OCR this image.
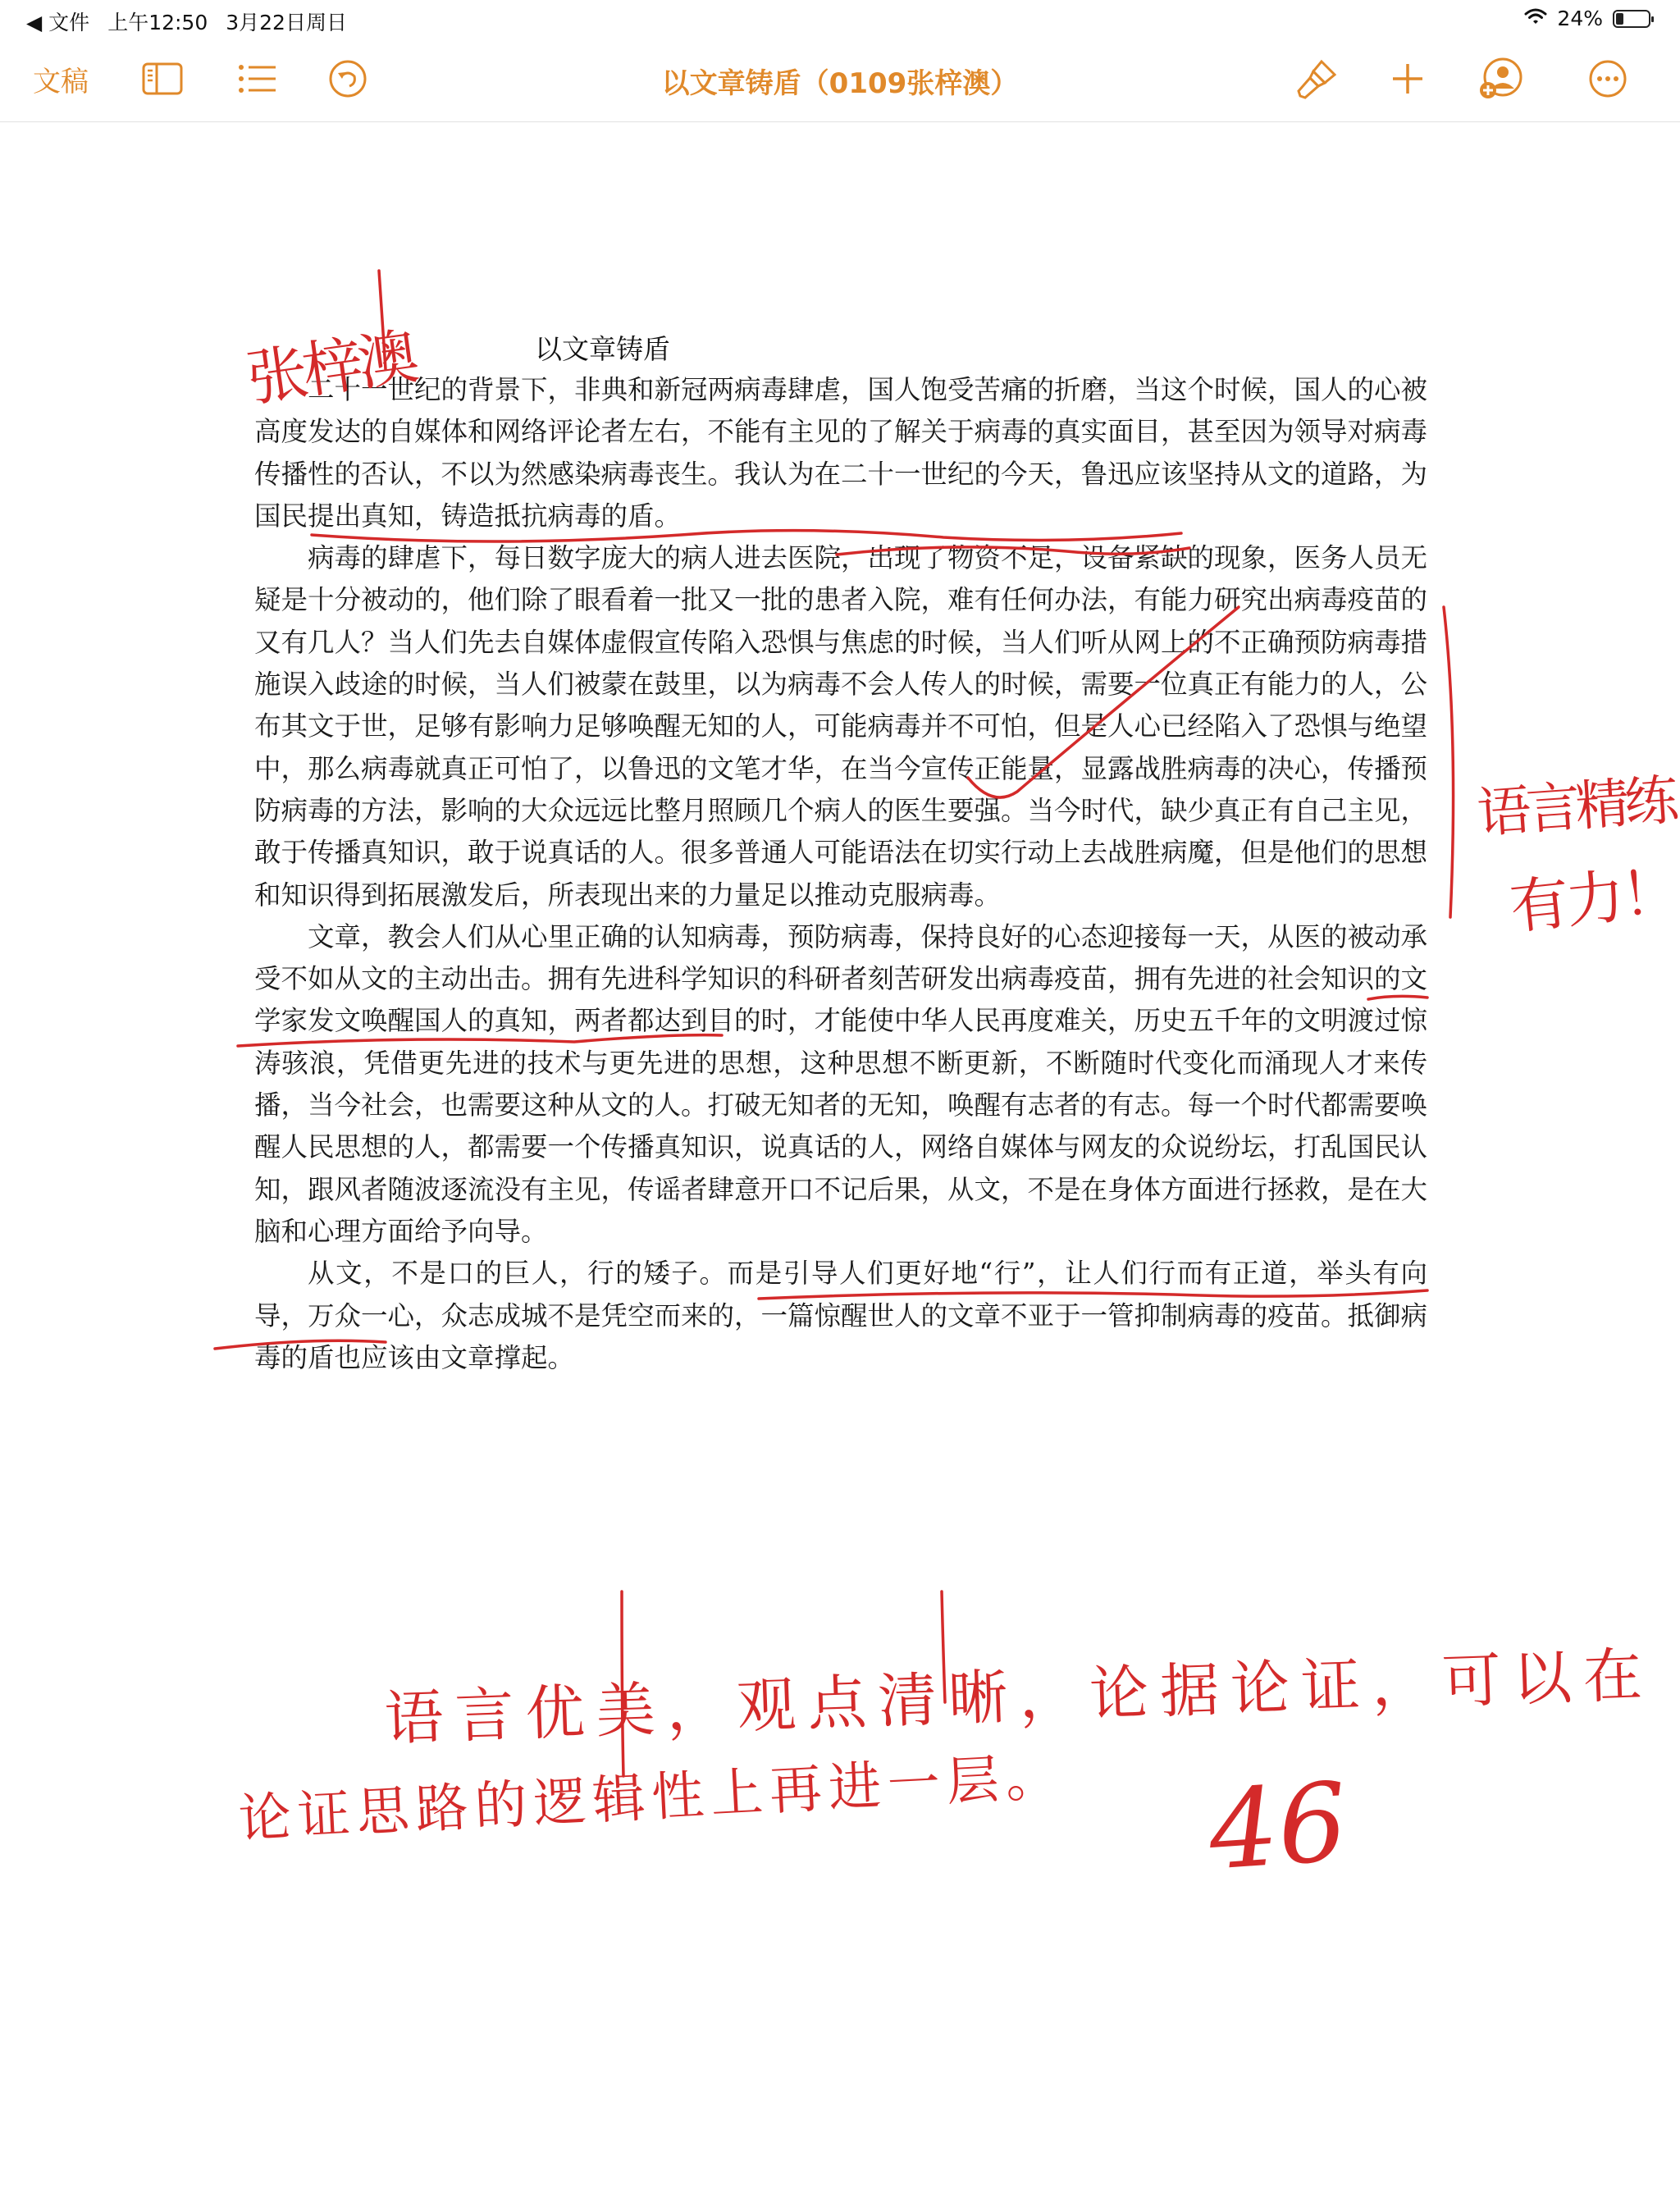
◀ 文件 上午12:50 3月22日周日	24%
文稿	以文章铸盾（0109张梓澳）
以文章铸盾

二十一世纪的背景下，非典和新冠两病毒肆虐，国人饱受苦痛的折磨，当这个时候，国人的心被高度发达的自媒体和网络评论者左右，不能有主见的了解关于病毒的真实面目，甚至因为领导对病毒传播性的否认，不以为然感染病毒丧生。我认为在二十一世纪的今天，鲁迅应该坚持从文的道路，为国民提出真知，铸造抵抗病毒的盾。

病毒的肆虐下，每日数字庞大的病人进去医院，出现了物资不足，设备紧缺的现象，医务人员无疑是十分被动的，他们除了眼看着一批又一批的患者入院，难有任何办法，有能力研究出病毒疫苗的又有几人？当人们先去自媒体虚假宣传陷入恐惧与焦虑的时候，当人们听从网上的不正确预防病毒措施误入歧途的时候，当人们被蒙在鼓里，以为病毒不会人传人的时候，需要一位真正有能力的人，公布其文于世，足够有影响力足够唤醒无知的人，可能病毒并不可怕，但是人心已经陷入了恐惧与绝望中，那么病毒就真正可怕了，以鲁迅的文笔才华，在当今宣传正能量，显露战胜病毒的决心，传播预防病毒的方法，影响的大众远远比整月照顾几个病人的医生要强。当今时代，缺少真正有自己主见，敢于传播真知识，敢于说真话的人。很多普通人可能语法在切实行动上去战胜病魔，但是他们的思想和知识得到拓展激发后，所表现出来的力量足以推动克服病毒。

文章，教会人们从心里正确的认知病毒，预防病毒，保持良好的心态迎接每一天，从医的被动承受不如从文的主动出击。拥有先进科学知识的科研者刻苦研发出病毒疫苗，拥有先进的社会知识的文学家发文唤醒国人的真知，两者都达到目的时，才能使中华人民再度难关，历史五千年的文明渡过惊涛骇浪，凭借更先进的技术与更先进的思想，这种思想不断更新，不断随时代变化而涌现人才来传播，当今社会，也需要这种从文的人。打破无知者的无知，唤醒有志者的有志。每一个时代都需要唤醒人民思想的人，都需要一个传播真知识，说真话的人，网络自媒体与网友的众说纷坛，打乱国民认知，跟风者随波逐流没有主见，传谣者肆意开口不记后果，从文，不是在身体方面进行拯救，是在大脑和心理方面给予向导。

从文，不是口的巨人，行的矮子。而是引导人们更好地“行”，让人们行而有正道，举头有向导，万众一心，众志成城不是凭空而来的，一篇惊醒世人的文章不亚于一管抑制病毒的疫苗。抵御病毒的盾也应该由文章撑起。

张梓澳
语言精练
有力！
语言优美，观点清晰，论据论证，可以在
论证思路的逻辑性上再进一层。 46
